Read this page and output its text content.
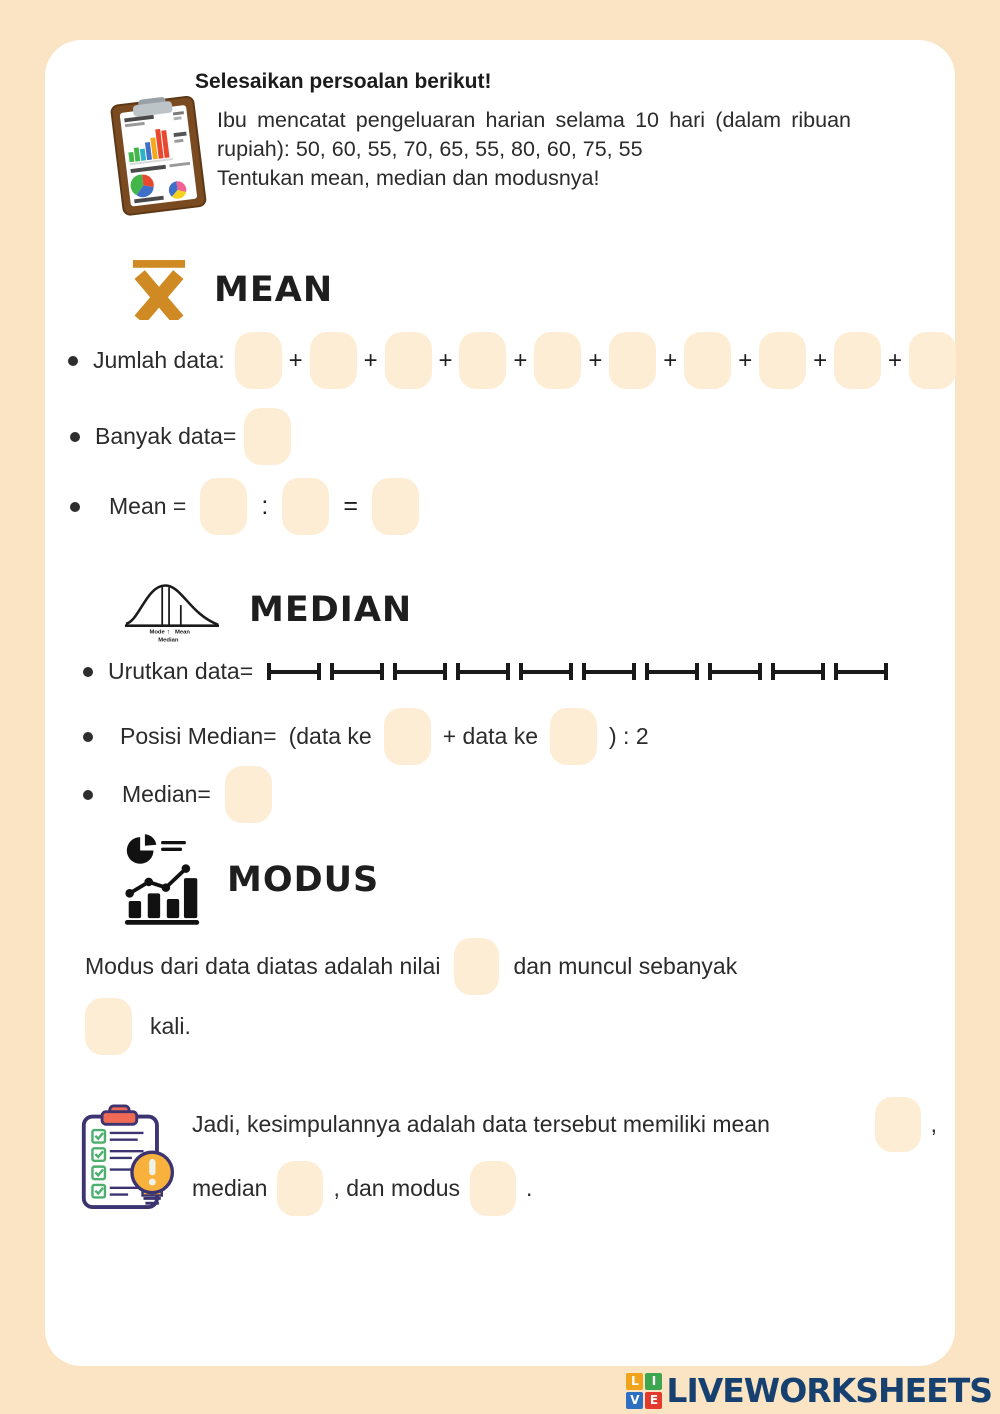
Selesaikan persoalan berikut!
Ibu mencatat pengeluaran harian selama 10 hari (dalam ribuan rupiah): 50, 60, 55, 70, 65, 55, 80, 60, 75, 55
Tentukan mean, median dan modusnya!
MEAN
Jumlah data:	+	+	+	+	+	+	+	+	+
Banyak data=
Mean =	:	=
Mode ↑ Mean
Median
MEDIAN
Urutkan data=
Posisi Median= (data ke	+ data ke	) : 2
Median=
MODUS
Modus dari data diatas adalah nilai	dan muncul sebanyak
kali.
Jadi, kesimpulannya adalah data tersebut memiliki mean	,
median	, dan modus	.
L	I
V E LIVEWORKSHEETS
